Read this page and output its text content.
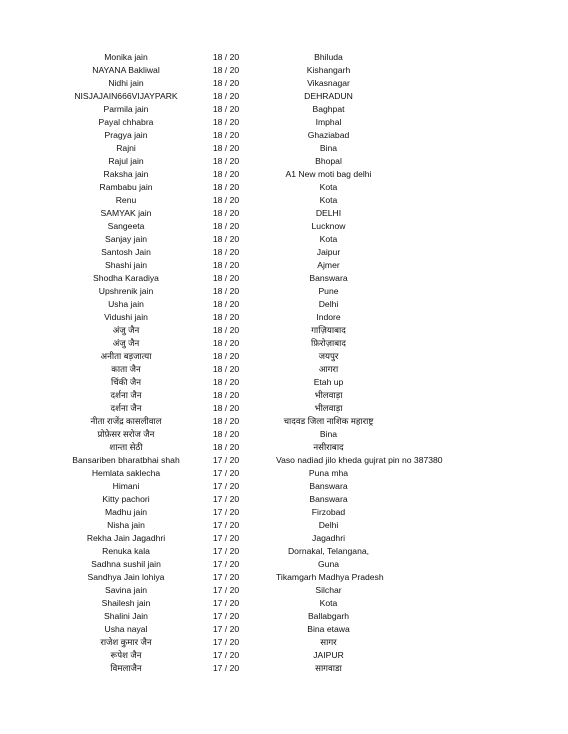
Monika jain	18 / 20	Bhiluda
NAYANA Bakliwal	18 / 20	Kishangarh
Nidhi jain	18 / 20	Vikasnagar
NISJAJAIN666VIJAYPARK	18 / 20	DEHRADUN
Parmila jain	18 / 20	Baghpat
Payal chhabra	18 / 20	Imphal
Pragya jain	18 / 20	Ghaziabad
Rajni	18 / 20	Bina
Rajul jain	18 / 20	Bhopal
Raksha jain	18 / 20	A1 New moti bag delhi
Rambabu jain	18 / 20	Kota
Renu	18 / 20	Kota
SAMYAK jain	18 / 20	DELHI
Sangeeta	18 / 20	Lucknow
Sanjay jain	18 / 20	Kota
Santosh Jain	18 / 20	Jaipur
Shashi jain	18 / 20	Ajmer
Shodha Karadiya	18 / 20	Banswara
Upshrenik jain	18 / 20	Pune
Usha jain	18 / 20	Delhi
Vidushi jain	18 / 20	Indore
अंजु जैन	18 / 20	गाज़ियाबाद
अंजु जैन	18 / 20	फ़िरोज़ाबाद
अनीता बड़जात्या	18 / 20	जयपुर
काता जैन	18 / 20	आगरा
चिंकी जैन	18 / 20	Etah up
दर्शना जैन	18 / 20	भीलवाड़ा
दर्शना जैन	18 / 20	भीलवाड़ा
नीता राजेंद्र कासलीवाल	18 / 20	चादवड जिला नाशिक महाराष्ट्र
प्रोफ़ेसर सरोज जैन	18 / 20	Bina
शान्ता सेठी	18 / 20	नसीराबाद
Bansariben bharatbhai shah	17 / 20	Vaso nadiad jilo kheda gujrat pin no 387380
Hemlata saklecha	17 / 20	Puna mha
Himani	17 / 20	Banswara
Kitty pachori	17 / 20	Banswara
Madhu jain	17 / 20	Firzobad
Nisha jain	17 / 20	Delhi
Rekha Jain Jagadhri	17 / 20	Jagadhri
Renuka kala	17 / 20	Dornakal, Telangana,
Sadhna sushil jain	17 / 20	Guna
Sandhya Jain lohiya	17 / 20	Tikamgarh Madhya Pradesh
Savina jain	17 / 20	Silchar
Shailesh jain	17 / 20	Kota
Shalini Jain	17 / 20	Ballabgarh
Usha nayal	17 / 20	Bina etawa
राजेश कुमार जैन	17 / 20	सागर
रूपेश जैन	17 / 20	JAIPUR
विमलाजैन	17 / 20	सागवाडा
